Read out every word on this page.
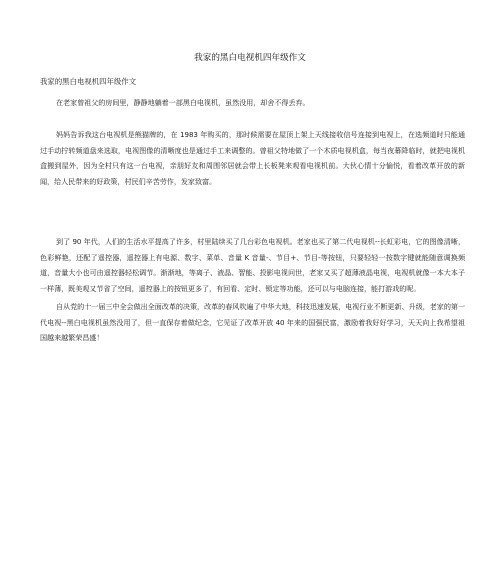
我家的黑白电视机四年级作文
我家的黑白电视机四年级作文

在老家曾祖父的房间里，静静地躺着一部黑白电视机，虽然没用，却舍不得丢弃。

妈妈告诉我这台电视机是熊猫牌的，在 1983 年购买的，那时候需要在屋顶上架上天线接收信号连接到电视上，在选频道时只能通过手动拧转频道盘来选取，电视图像的清晰度也是通过手工来调整的。曾祖父特地做了一个木质电视机盒，每当夜幕降临时，就把电视机盒搬到屋外，因为全村只有这一台电视，亲朋好友和周围邻居就会带上长板凳来观看电视机前。大伙心情十分愉悦，看着改革开放的新闻，给人民带来的好政策，村民们辛苦劳作，发家致富。

到了 90 年代，人们的生活水平提高了许多，村里陆续买了几台彩色电视机。老家也买了第二代电视机--长虹彩电，它的图像清晰，色彩鲜艳，还配了遥控器，遥控器上有电源、数字、菜单、音量 K 音量-、节目+、节目-等按钮，只要轻轻一按数字键就能随意调换频道，音量大小也可由遥控器轻松调节。渐渐地，等离子、液晶、智能、投影电视问世，老家又买了超薄液晶电视，电视机就像一本大本子一样薄，既美观又节省了空间，遥控器上的按钮更多了，有回看、定时、锁定等功能，还可以与电脑连接，能打游戏的呢。

自从党的十一届三中全会做出全面改革的决策，改革的春风吹遍了中华大地，科技迅速发展，电视行业不断更新、升级，老家的第一代电视--黑白电视机虽然没用了，但一直保存着做纪念，它见证了改革开放 40 年来的国强民富，激励着我好好学习，天天向上我希望祖国越来越繁荣昌盛！
